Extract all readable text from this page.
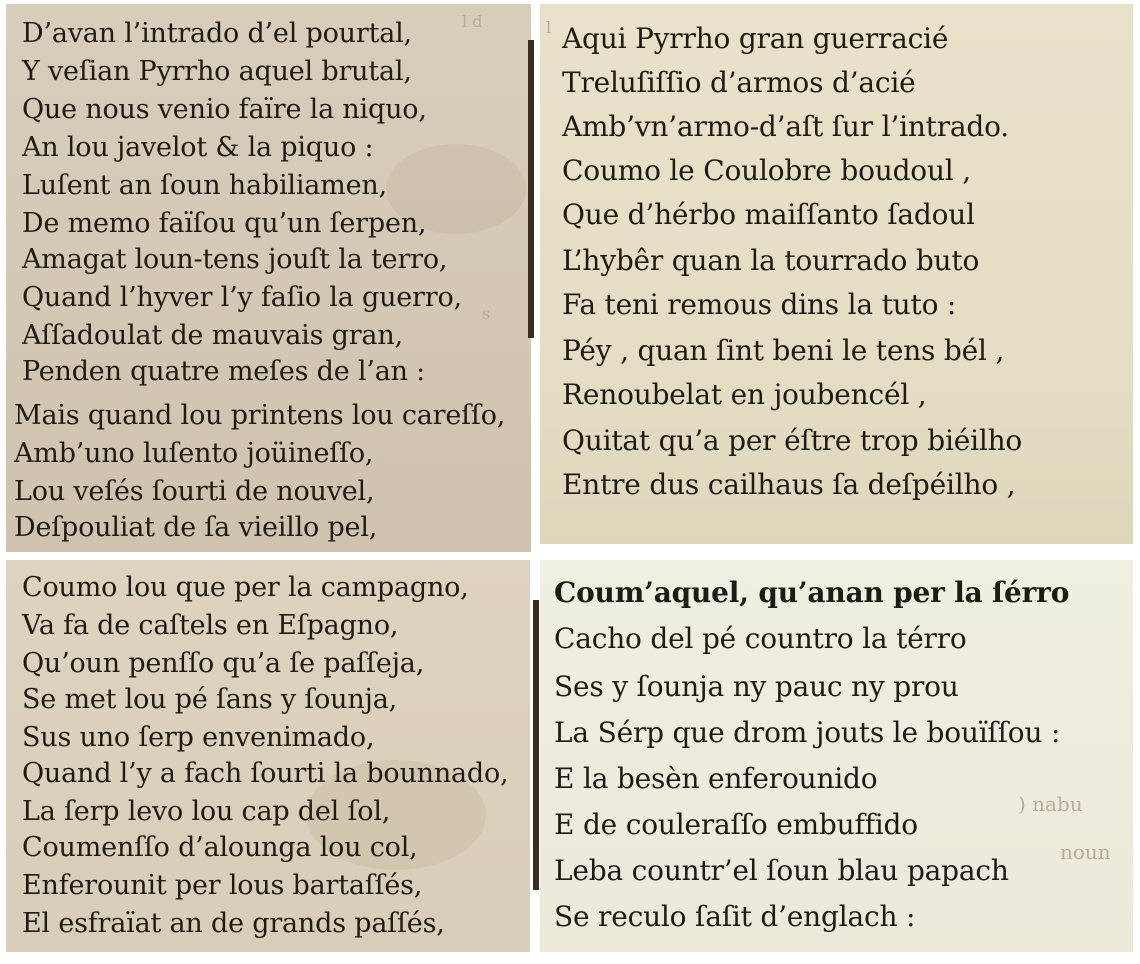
l d
s
D’avan l’intrado d’el pourtal,
Y veſian Pyrrho aquel brutal,
Que nous venio faïre la niquo,
An lou javelot & la piquo :
Luſent an ſoun habiliamen,
De memo faïſou qu’un ſerpen,
Amagat loun-tens jouſt la terro,
Quand l’hyver l’y faſio la guerro,
Aſſadoulat de mauvais gran,
Penden quatre meſes de l’an :
Mais quand lou printens lou careſſo,
Amb’uno luſento joüineſſo,
Lou veſés ſourti de nouvel,
Deſpouliat de ſa vieillo pel,
l Aqui Pyrrho gran guerracié
Treluſiſſio d’armos d’acié
Amb’vn’armo-d’aſt ſur l’intrado.
Coumo le Coulobre boudoul ,
Que d’hérbo maiſſanto ſadoul
L’hybêr quan la tourrado buto
Fa teni remous dins la tuto :
Péy , quan ſint beni le tens bél ,
Renoubelat en joubencél ,
Quitat qu’a per éſtre trop biéilho
Entre dus cailhaus ſa deſpéilho ,
Coumo lou que per la campagno,
Va fa de caſtels en Eſpagno,
Qu’oun penſſo qu’a ſe paſſeja,
Se met lou pé ſans y ſounja,
Sus uno ſerp envenimado,
Quand l’y a fach ſourti la bounnado,
La ſerp levo lou cap del ſol,
Coumenſſo d’alounga lou col,
Enferounit per lous bartaſſés,
El esfraïat an de grands paſſés,
) nabu
noun
Coum’aquel, qu’anan per la ſérro
Cacho del pé countro la térro
Ses y ſounja ny pauc ny prou
La Sérp que drom jouts le bouïſſou :
E la besèn enferounido
E de couleraſſo embuffido
Leba countr’el ſoun blau papach
Se reculo ſaſit d’englach :
